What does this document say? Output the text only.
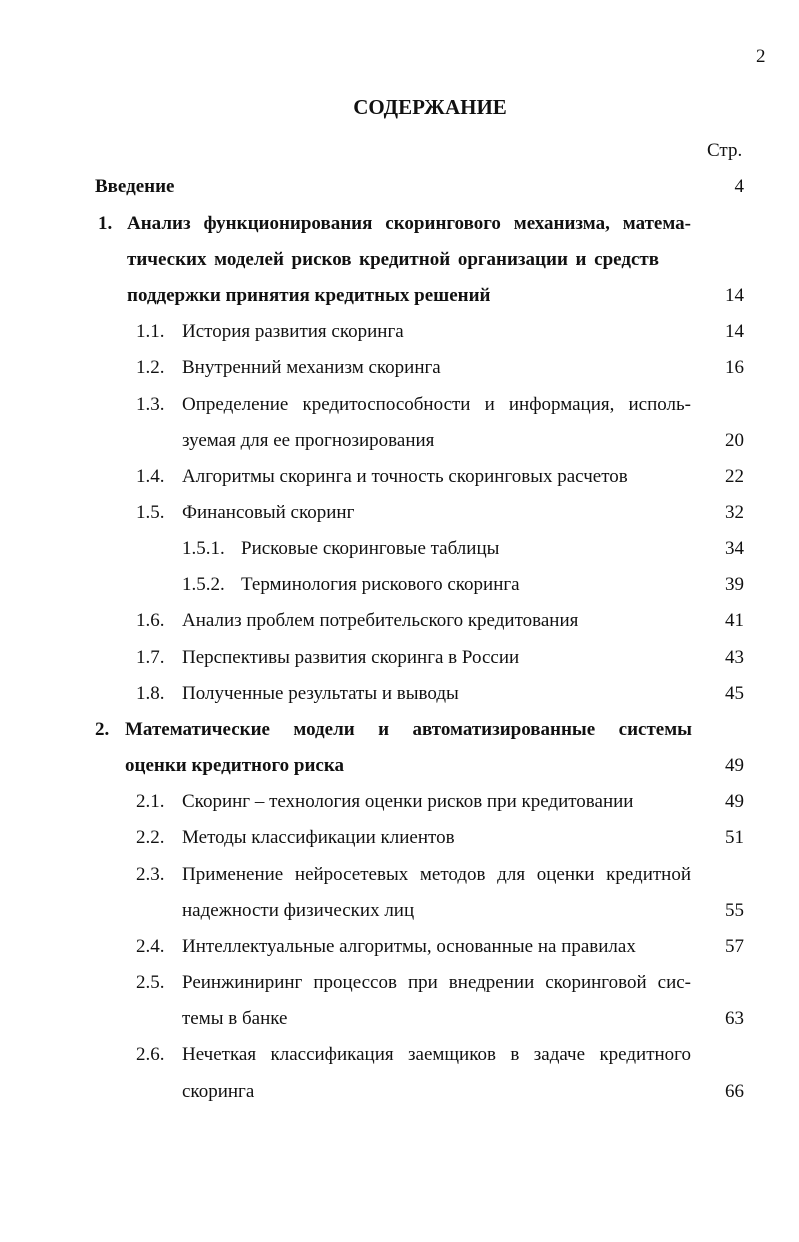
2
СОДЕРЖАНИЕ
Стр.
Введение	4
1. Анализ функционирования скорингового механизма, матема-
тических моделей рисков кредитной организации и средств
поддержки принятия кредитных решений	14
1.1. История развития скоринга	14
1.2. Внутренний механизм скоринга	16
1.3. Определение кредитоспособности и информация, исполь-
зуемая для ее прогнозирования	20
1.4. Алгоритмы скоринга и точность скоринговых расчетов	22
1.5. Финансовый скоринг	32
1.5.1. Рисковые скоринговые таблицы	34
1.5.2. Терминология рискового скоринга	39
1.6. Анализ проблем потребительского кредитования	41
1.7. Перспективы развития скоринга в России	43
1.8. Полученные результаты и выводы	45
2. Математические модели и автоматизированные системы
оценки кредитного риска	49
2.1. Скоринг – технология оценки рисков при кредитовании	49
2.2. Методы классификации клиентов	51
2.3. Применение нейросетевых методов для оценки кредитной
надежности физических лиц	55
2.4. Интеллектуальные алгоритмы, основанные на правилах	57
2.5. Реинжиниринг процессов при внедрении скоринговой сис-
темы в банке	63
2.6. Нечеткая классификация заемщиков в задаче кредитного
скоринга	66
